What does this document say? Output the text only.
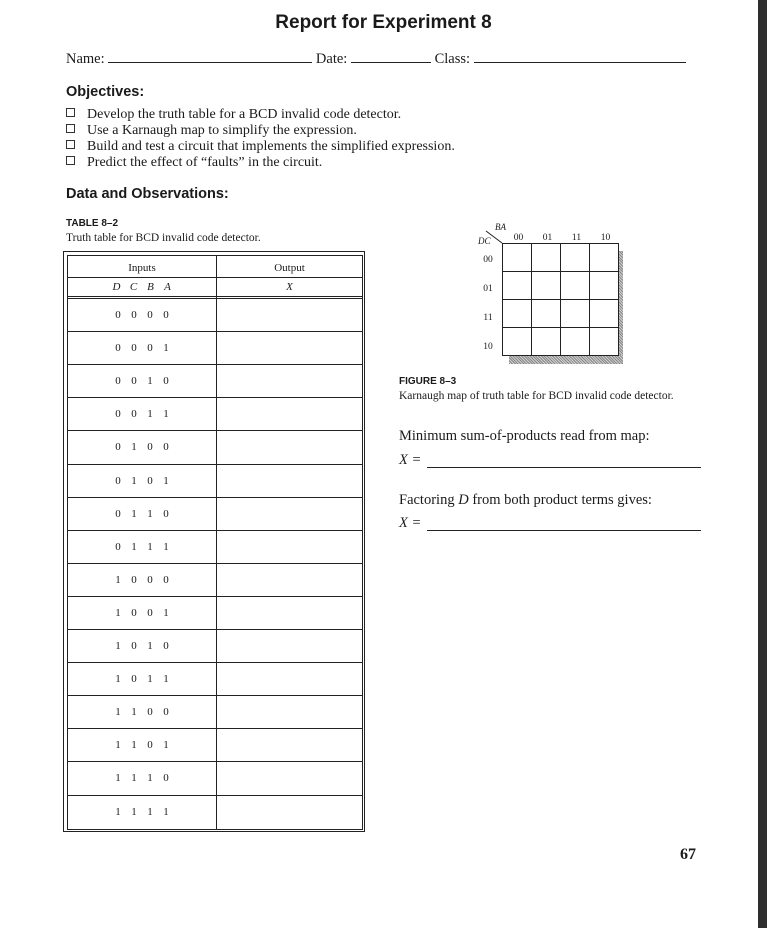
Report for Experiment 8
Name:	Date:	Class:
Objectives:
Develop the truth table for a BCD invalid code detector.
Use a Karnaugh map to simplify the expression.
Build and test a circuit that implements the simplified expression.
Predict the effect of “faults” in the circuit.
Data and Observations:
TABLE 8–2
Truth table for BCD invalid code detector.
Inputs	Output
D C B A	X
0 0 0 0
0 0 0 1
0 0 1 0
0 0 1 1
0 1 0 0
0 1 0 1
0 1 1 0
0 1 1 1
1 0 0 0
1 0 0 1
1 0 1 0
1 0 1 1
1 1 0 0
1 1 0 1
1 1 1 0
1 1 1 1
BA
DC	00	01	11	10
00
01
11
10
FIGURE 8–3
Karnaugh map of truth table for BCD invalid code detector.
Minimum sum-of-products read from map:
X =
Factoring D from both product terms gives:
X =
67
